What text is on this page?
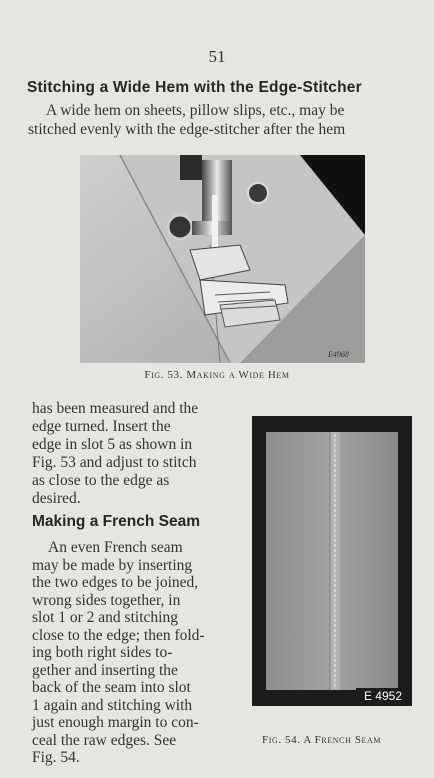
51
Stitching a Wide Hem with the Edge-Stitcher
A wide hem on sheets, pillow slips, etc., may be
stitched evenly with the edge-stitcher after the hem
E4968
Fig. 53. Making a Wide Hem
has been measured and the
edge turned. Insert the
edge in slot 5 as shown in
Fig. 53 and adjust to stitch
as close to the edge as
desired.
Making a French Seam
An even French seam
may be made by inserting
the two edges to be joined,
wrong sides together, in
slot 1 or 2 and stitching
close to the edge; then fold-
ing both right sides to-
gether and inserting the
back of the seam into slot
1 again and stitching with
just enough margin to con-
ceal the raw edges. See
Fig. 54.
E 4952
Fig. 54. A French Seam
